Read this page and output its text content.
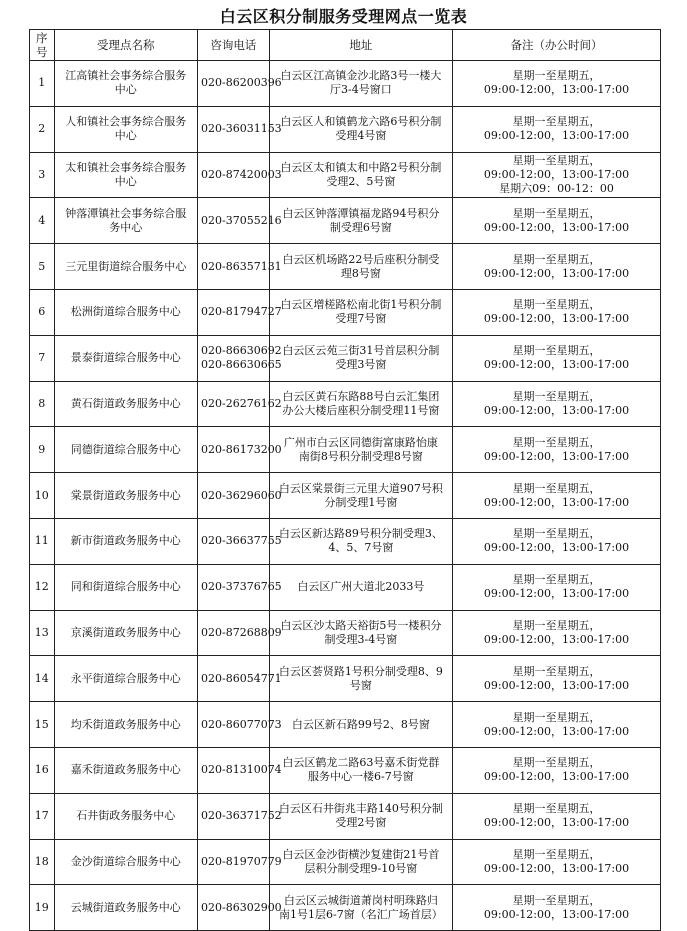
白云区积分制服务受理网点一览表
序号	受理点名称	咨询电话	地址	备注（办公时间）
1	江高镇社会事务综合服务
中心	020-86200396	白云区江高镇金沙北路3号一楼大
厅3-4号窗口	星期一至星期五，
09:00-12:00，13:00-17:00

2	人和镇社会事务综合服务
中心	020-36031153	白云区人和镇鹤龙六路6号积分制
受理4号窗	星期一至星期五，
09:00-12:00，13:00-17:00

3	太和镇社会事务综合服务
中心	020-87420003	白云区太和镇太和中路2号积分制
受理2、5号窗	星期一至星期五，
09:00-12:00，13:00-17:00
星期六09：00-12：00

4	钟落潭镇社会事务综合服
务中心	020-37055216	白云区钟落潭镇福龙路94号积分
制受理6号窗	星期一至星期五，
09:00-12:00，13:00-17:00

5	三元里街道综合服务中心	020-86357131	白云区机场路22号后座积分制受
理8号窗	星期一至星期五，
09:00-12:00，13:00-17:00

6	松洲街道综合服务中心	020-81794727	白云区增槎路松南北街1号积分制
受理7号窗	星期一至星期五，
09:00-12:00，13:00-17:00

7	景泰街道综合服务中心	020-86630692
020-86630665	白云区云苑三街31号首层积分制
受理3号窗	星期一至星期五，
09:00-12:00，13:00-17:00

8	黄石街道政务服务中心	020-26276162	白云区黄石东路88号白云汇集团
办公大楼后座积分制受理11号窗	星期一至星期五，
09:00-12:00，13:00-17:00

9	同德街道综合服务中心	020-86173200	广州市白云区同德街富康路怡康
南街8号积分制受理8号窗	星期一至星期五，
09:00-12:00，13:00-17:00

10	棠景街道政务服务中心	020-36296060	白云区棠景街三元里大道907号积
分制受理1号窗	星期一至星期五，
09:00-12:00，13:00-17:00

11	新市街道政务服务中心	020-36637755	白云区新达路89号积分制受理3、
4、5、7号窗	星期一至星期五，
09:00-12:00，13:00-17:00

12	同和街道综合服务中心	020-37376765	白云区广州大道北2033号	星期一至星期五，
09:00-12:00，13:00-17:00

13	京溪街道政务服务中心	020-87268809	白云区沙太路天裕街5号一楼积分
制受理3-4号窗	星期一至星期五，
09:00-12:00，13:00-17:00

14	永平街道综合服务中心	020-86054771	白云区荟贤路1号积分制受理8、9
号窗	星期一至星期五，
09:00-12:00，13:00-17:00

15	均禾街道政务服务中心	020-86077073	白云区新石路99号2、8号窗	星期一至星期五，
09:00-12:00，13:00-17:00

16	嘉禾街道政务服务中心	020-81310074	白云区鹤龙二路63号嘉禾街党群
服务中心一楼6-7号窗	星期一至星期五，
09:00-12:00，13:00-17:00

17	石井街政务服务中心	020-36371752	白云区石井街兆丰路140号积分制
受理2号窗	星期一至星期五，
09:00-12:00，13:00-17:00

18	金沙街道综合服务中心	020-81970779	白云区金沙街横沙复建街21号首
层积分制受理9-10号窗	星期一至星期五，
09:00-12:00，13:00-17:00

19	云城街道政务服务中心	020-86302900	白云区云城街道萧岗村明珠路归
南1号1层6-7窗（名汇广场首层）	星期一至星期五，
09:00-12:00，13:00-17:00
